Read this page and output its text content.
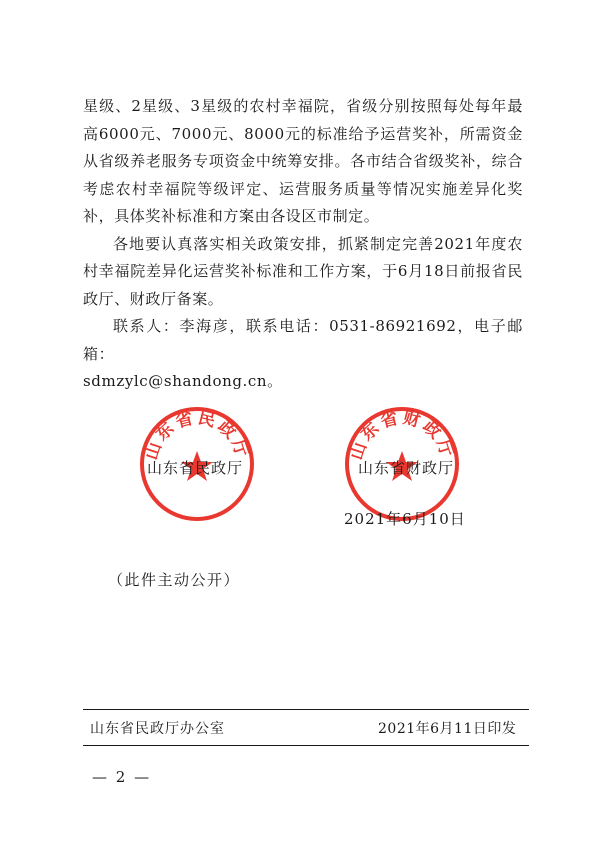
星级、2星级、3星级的农村幸福院，省级分别按照每处每年最高6000元、7000元、8000元的标准给予运营奖补，所需资金从省级养老服务专项资金中统筹安排。各市结合省级奖补，综合考虑农村幸福院等级评定、运营服务质量等情况实施差异化奖补，具体奖补标准和方案由各设区市制定。

各地要认真落实相关政策安排，抓紧制定完善2021年度农村幸福院差异化运营奖补标准和工作方案，于6月18日前报省民政厅、财政厅备案。

联系人：李海彦，联系电话：0531-86921692，电子邮箱：

sdmzylc@shandong.cn。

山东省民政厅	山东省财政厅
山东省民政厅	山东省财政厅
2021年6月10日
（此件主动公开）
山东省民政厅办公室	2021年6月11日印发
— 2 —
